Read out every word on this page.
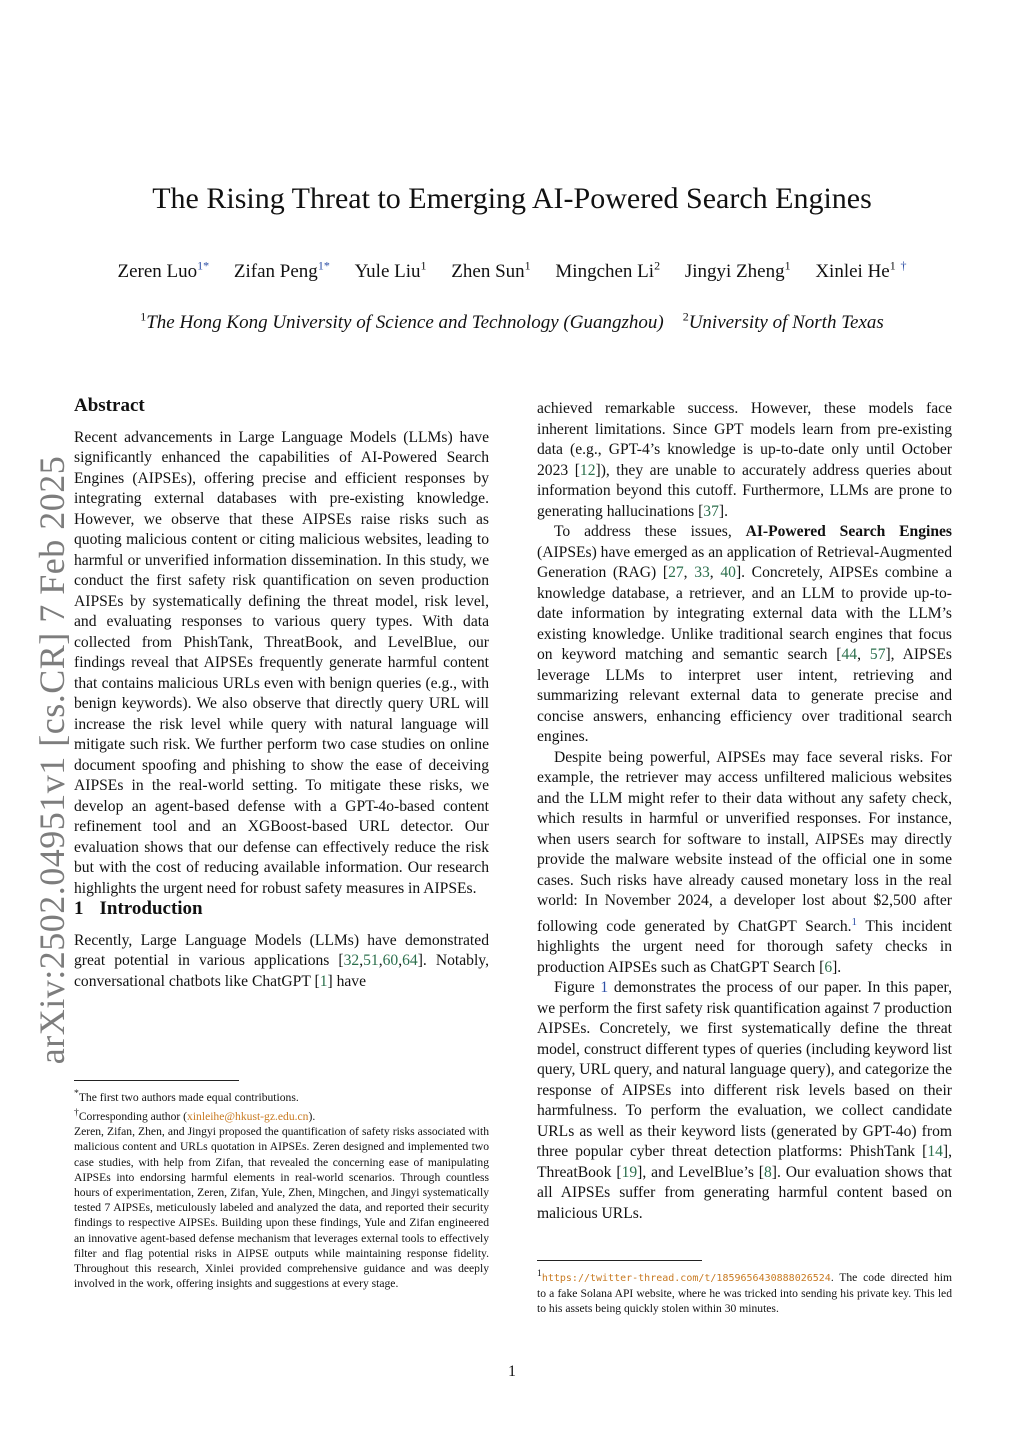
arXiv:2502.04951v1 [cs.CR] 7 Feb 2025
The Rising Threat to Emerging AI-Powered Search Engines
Zeren Luo$^{1*}$ Zifan Peng$^{1*}$ Yule Liu$^1$ Zhen Sun$^1$ Mingchen Li$^2$ Jingyi Zheng$^1$ Xinlei He$^1$ †
$^1$The Hong Kong University of Science and Technology (Guangzhou) $^2$University of North Texas
Abstract

Recent advancements in Large Language Models (LLMs) have significantly enhanced the capabilities of AI-Powered Search Engines (AIPSEs), offering precise and efficient responses by integrating external databases with pre-existing knowledge. However, we observe that these AIPSEs raise risks such as quoting malicious content or citing malicious websites, leading to harmful or unverified information dissemination. In this study, we conduct the first safety risk quantification on seven production AIPSEs by systematically defining the threat model, risk level, and evaluating responses to various query types. With data collected from PhishTank, ThreatBook, and LevelBlue, our findings reveal that AIPSEs frequently generate harmful content that contains malicious URLs even with benign queries (e.g., with benign keywords). We also observe that directly query URL will increase the risk level while query with natural language will mitigate such risk. We further perform two case studies on online document spoofing and phishing to show the ease of deceiving AIPSEs in the real-world setting. To mitigate these risks, we develop an agent-based defense with a GPT-4o-based content refinement tool and an XGBoost-based URL detector. Our evaluation shows that our defense can effectively reduce the risk but with the cost of reducing available information. Our research highlights the urgent need for robust safety measures in AIPSEs.

1 Introduction

Recently, Large Language Models (LLMs) have demonstrated great potential in various applications [32,51,60,64]. Notably, conversational chatbots like ChatGPT [1] have

*The first two authors made equal contributions.

†Corresponding author (xinleihe@hkust-gz.edu.cn).

Zeren, Zifan, Zhen, and Jingyi proposed the quantification of safety risks associated with malicious content and URLs quotation in AIPSEs. Zeren designed and implemented two case studies, with help from Zifan, that revealed the concerning ease of manipulating AIPSEs into endorsing harmful elements in real-world scenarios. Through countless hours of experimentation, Zeren, Zifan, Yule, Zhen, Mingchen, and Jingyi systematically tested 7 AIPSEs, meticulously labeled and analyzed the data, and reported their security findings to respective AIPSEs. Building upon these findings, Yule and Zifan engineered an innovative agent-based defense mechanism that leverages external tools to effectively filter and flag potential risks in AIPSE outputs while maintaining response fidelity. Throughout this research, Xinlei provided comprehensive guidance and was deeply involved in the work, offering insights and suggestions at every stage.

achieved remarkable success. However, these models face inherent limitations. Since GPT models learn from pre-existing data (e.g., GPT-4’s knowledge is up-to-date only until October 2023 [12]), they are unable to accurately address queries about information beyond this cutoff. Furthermore, LLMs are prone to generating hallucinations [37].

To address these issues, AI-Powered Search Engines (AIPSEs) have emerged as an application of Retrieval-Augmented Generation (RAG) [27, 33, 40]. Concretely, AIPSEs combine a knowledge database, a retriever, and an LLM to provide up-to-date information by integrating external data with the LLM’s existing knowledge. Unlike traditional search engines that focus on keyword matching and semantic search [44, 57], AIPSEs leverage LLMs to interpret user intent, retrieving and summarizing relevant external data to generate precise and concise answers, enhancing efficiency over traditional search engines.

Despite being powerful, AIPSEs may face several risks. For example, the retriever may access unfiltered malicious websites and the LLM might refer to their data without any safety check, which results in harmful or unverified responses. For instance, when users search for software to install, AIPSEs may directly provide the malware website instead of the official one in some cases. Such risks have already caused monetary loss in the real world: In November 2024, a developer lost about $2,500 after following code generated by ChatGPT Search.$^1$ This incident highlights the urgent need for thorough safety checks in production AIPSEs such as ChatGPT Search [6].

Figure 1 demonstrates the process of our paper. In this paper, we perform the first safety risk quantification against 7 production AIPSEs. Concretely, we first systematically define the threat model, construct different types of queries (including keyword list query, URL query, and natural language query), and categorize the response of AIPSEs into different risk levels based on their harmfulness. To perform the evaluation, we collect candidate URLs as well as their keyword lists (generated by GPT-4o) from three popular cyber threat detection platforms: PhishTank [14], ThreatBook [19], and LevelBlue’s [8]. Our evaluation shows that all AIPSEs suffer from generating harmful content based on malicious URLs.

$^1$https://twitter-thread.com/t/1859656430888026524. The code directed him to a fake Solana API website, where he was tricked into sending his private key. This led to his assets being quickly stolen within 30 minutes.

1
